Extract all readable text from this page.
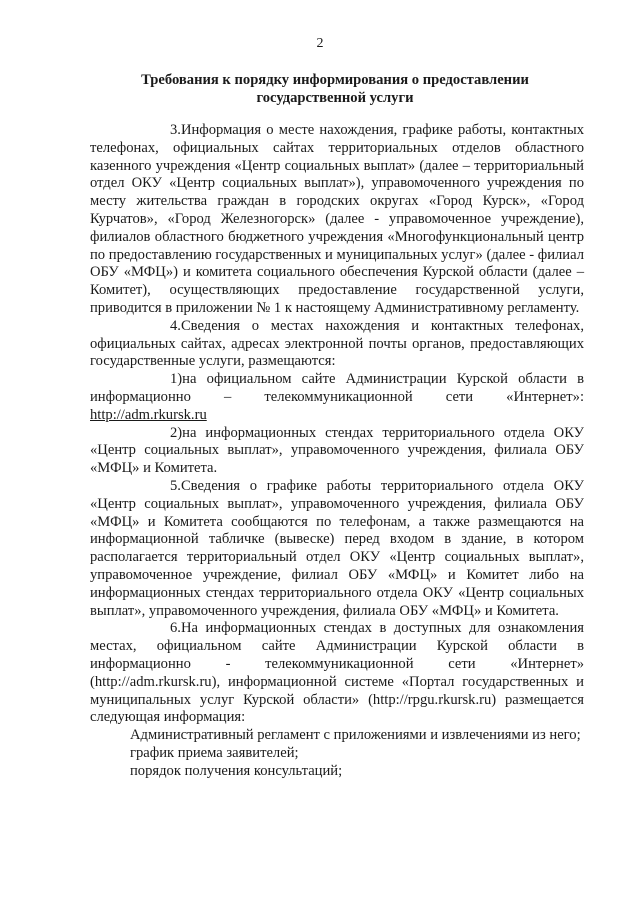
2
Требования к порядку информирования о предоставлении
государственной услуги

3.Информация о месте нахождения, графике работы, контактных телефонах, официальных сайтах территориальных отделов областного казенного учреждения «Центр социальных выплат» (далее – территориальный отдел ОКУ «Центр социальных выплат»), управомоченного учреждения по месту жительства граждан в городских округах «Город Курск», «Город Курчатов», «Город Железногорск» (далее - управомоченное учреждение), филиалов областного бюджетного учреждения «Многофункциональный центр по предоставлению государственных и муниципальных услуг» (далее - филиал ОБУ «МФЦ») и комитета социального обеспечения Курской области (далее – Комитет), осуществляющих предоставление государственной услуги, приводится в приложении № 1 к настоящему Административному регламенту.

4.Сведения о местах нахождения и контактных телефонах, официальных сайтах, адресах электронной почты органов, предоставляющих государственные услуги, размещаются:

1)на официальном сайте Администрации Курской области в информационно – телекоммуникационной сети «Интернет»: http://adm.rkursk.ru

2)на информационных стендах территориального отдела ОКУ «Центр социальных выплат», управомоченного учреждения, филиала ОБУ «МФЦ» и Комитета.

5.Сведения о графике работы территориального отдела ОКУ «Центр социальных выплат», управомоченного учреждения, филиала ОБУ «МФЦ» и Комитета сообщаются по телефонам, а также размещаются на информационной табличке (вывеске) перед входом в здание, в котором располагается территориальный отдел ОКУ «Центр социальных выплат», управомоченное учреждение, филиал ОБУ «МФЦ» и Комитет либо на информационных стендах территориального отдела ОКУ «Центр социальных выплат», управомоченного учреждения, филиала ОБУ «МФЦ» и Комитета.

6.На информационных стендах в доступных для ознакомления местах, официальном сайте Администрации Курской области в информационно - телекоммуникационной сети «Интернет» (http://adm.rkursk.ru), информационной системе «Портал государственных и муниципальных услуг Курской области» (http://rpgu.rkursk.ru) размещается следующая информация:

Административный регламент с приложениями и извлечениями из него;

график приема заявителей;

порядок получения консультаций;
